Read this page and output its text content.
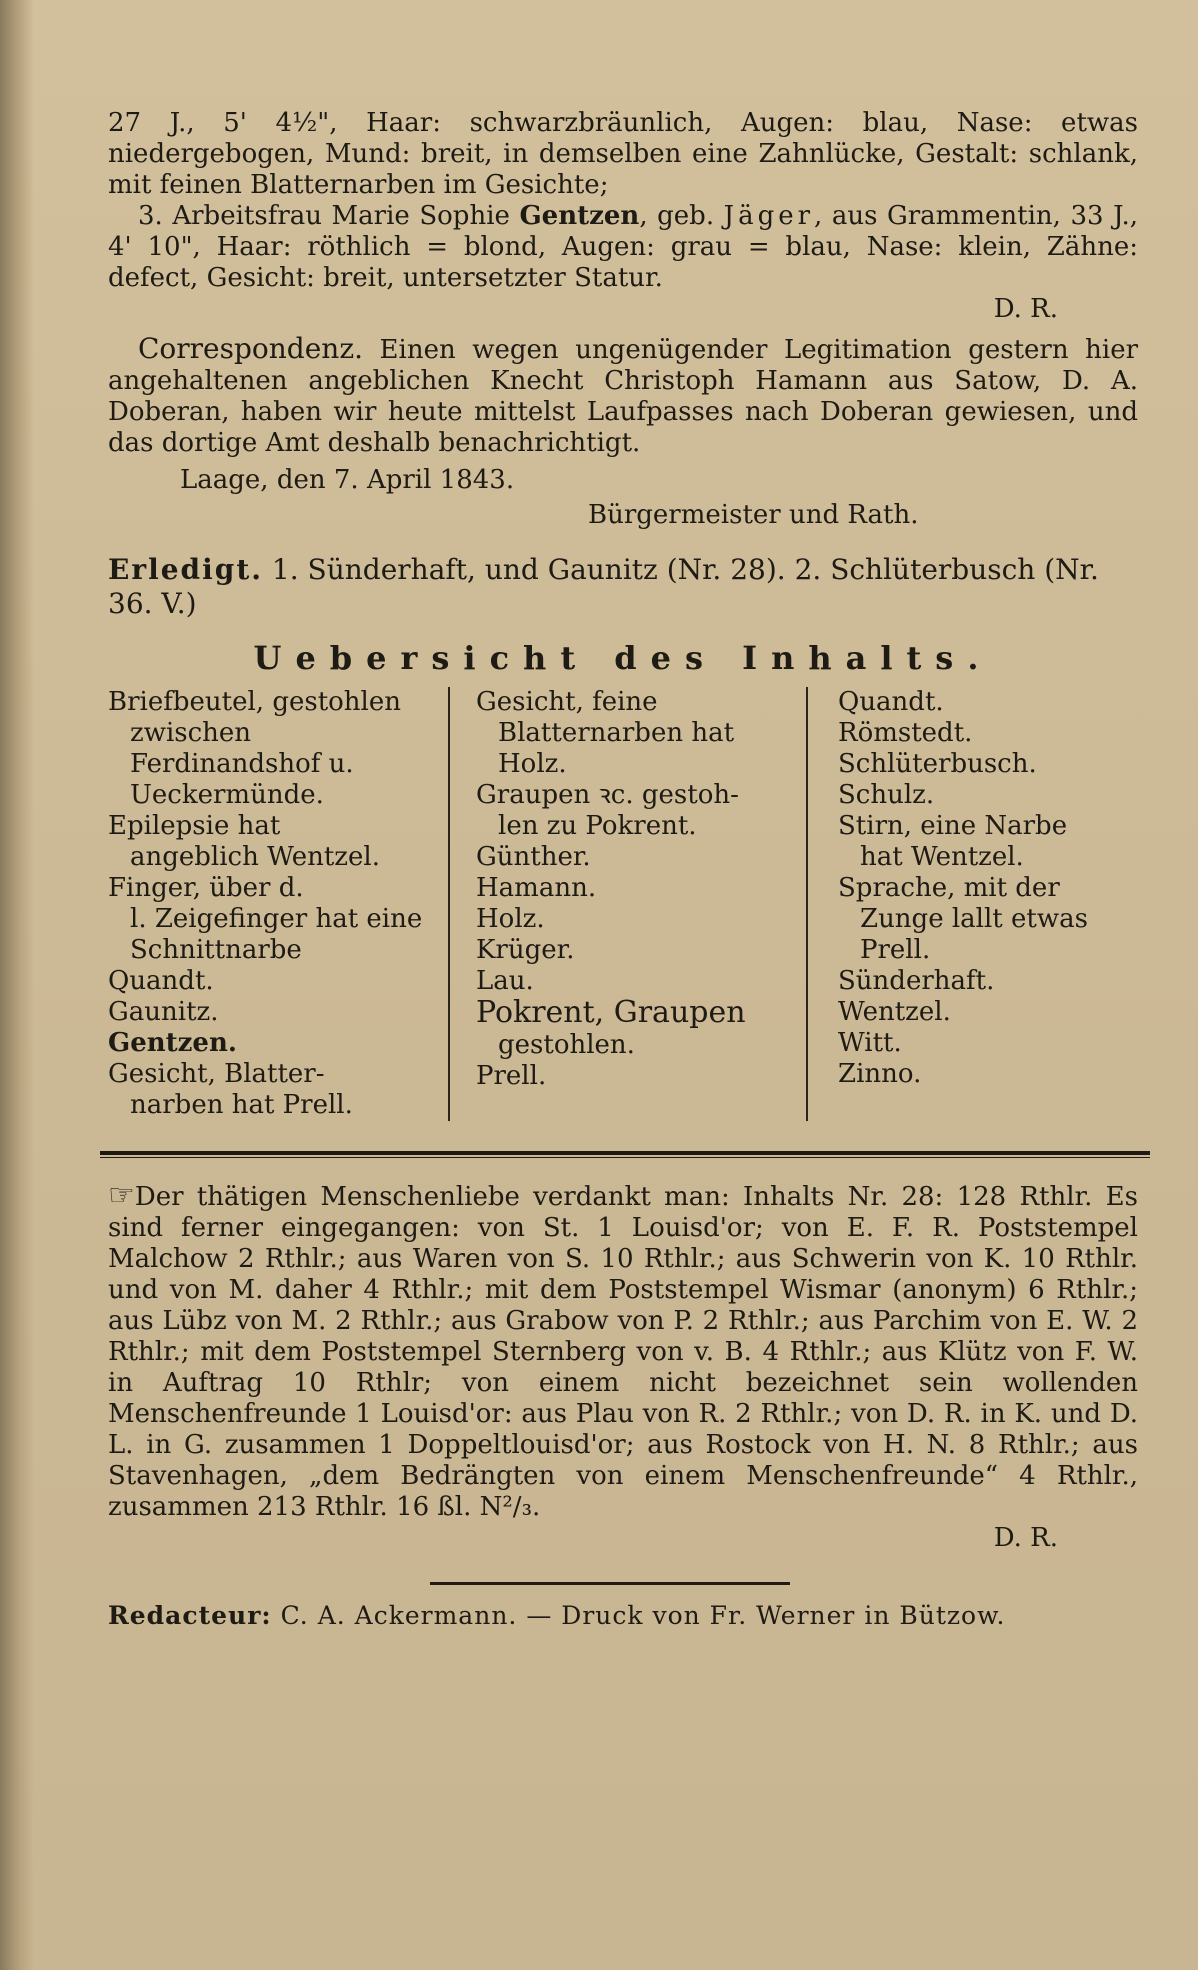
27 J., 5' 4½", Haar: schwarzbräunlich, Augen: blau, Nase: etwas niedergebogen, Mund: breit, in demselben eine Zahnlücke, Gestalt: schlank, mit feinen Blatternarben im Gesichte;

3. Arbeitsfrau Marie Sophie Gentzen, geb. Jäger, aus Grammentin, 33 J., 4' 10", Haar: röthlich = blond, Augen: grau = blau, Nase: klein, Zähne: defect, Gesicht: breit, untersetzter Statur.

D. R.

Correspondenz. Einen wegen ungenügender Legitimation gestern hier angehaltenen angeblichen Knecht Christoph Hamann aus Satow, D. A. Doberan, haben wir heute mittelst Laufpasses nach Doberan gewiesen, und das dortige Amt deshalb benachrichtigt.

Laage, den 7. April 1843.

Bürgermeister und Rath.

Erledigt. 1. Sünderhaft, und Gaunitz (Nr. 28). 2. Schlüterbusch (Nr. 36. V.)

Uebersicht des Inhalts.

Briefbeutel, gestohlen
zwischen Ferdinandshof u. Ueckermünde.

Epilepsie hat
angeblich Wentzel.

Finger, über d.
l. Zeigefinger hat eine Schnittnarbe

Quandt.

Gaunitz.

Gentzen.

Gesicht, Blatter-
narben hat Prell.

Gesicht, feine
Blatternarben hat Holz.

Graupen ꝛc. gestoh-
len zu Pokrent.

Günther.

Hamann.

Holz.

Krüger.

Lau.

Pokrent, Graupen
gestohlen.

Prell.

Quandt.

Römstedt.

Schlüterbusch.

Schulz.

Stirn, eine Narbe
hat Wentzel.

Sprache, mit der
Zunge lallt etwas Prell.

Sünderhaft.

Wentzel.

Witt.

Zinno.

☞Der thätigen Menschenliebe verdankt man: Inhalts Nr. 28: 128 Rthlr. Es sind ferner eingegangen: von St. 1 Louisd'or; von E. F. R. Poststempel Malchow 2 Rthlr.; aus Waren von S. 10 Rthlr.; aus Schwerin von K. 10 Rthlr. und von M. daher 4 Rthlr.; mit dem Poststempel Wismar (anonym) 6 Rthlr.; aus Lübz von M. 2 Rthlr.; aus Grabow von P. 2 Rthlr.; aus Parchim von E. W. 2 Rthlr.; mit dem Poststempel Sternberg von v. B. 4 Rthlr.; aus Klütz von F. W. in Auftrag 10 Rthlr; von einem nicht bezeichnet sein wollenden Menschenfreunde 1 Louisd'or: aus Plau von R. 2 Rthlr.; von D. R. in K. und D. L. in G. zusammen 1 Doppeltlouisd'or; aus Rostock von H. N. 8 Rthlr.; aus Stavenhagen, „dem Bedrängten von einem Menschenfreunde“ 4 Rthlr., zusammen 213 Rthlr. 16 ßl. N²/₃.

D. R.

Redacteur: C. A. Ackermann. — Druck von Fr. Werner in Bützow.
